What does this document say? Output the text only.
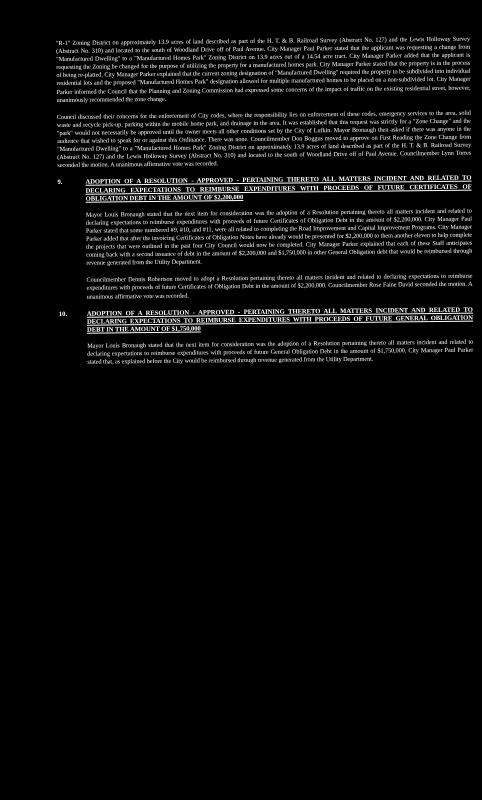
"R-1" Zoning District on approximately 13.9 acres of land described as part of the H. T. & B. Railroad Survey (Abstract No. 127) and the Lewis Holloway Survey (Abstract No. 310) and located to the south of Woodland Drive off of Paul Avenue. City Manager Paul Parker stated that the applicant was requesting a change from "Manufactured Dwelling" to a "Manufactured Homes Park" Zoning District on 13.9 acres out of a 14.54 acre tract. City Manager Parker added that the applicant is requesting the Zoning be changed for the purpose of utilizing the property for a manufactured homes park. City Manager Parker stated that the property is in the process of being re-platted. City Manager Parker explained that the current zoning designation of "Manufactured Dwelling" required the property to be subdivided into individual residential lots and the proposed "Manufactured Homes Park" designation allowed for multiple manufactured homes to be placed on a non-subdivided lot. City Manager Parker informed the Council that the Planning and Zoning Commission had expressed some concerns of the impact of traffic on the existing residential street, however, unanimously recommended the zone change.

Council discussed their concerns for the enforcement of City codes, where the responsibility lies on enforcement of these codes, emergency services to the area, solid waste and recycle pick-up, parking within the mobile home park, and drainage in the area. It was established that this request was strictly for a "Zone Change" and the "park" would not necessarily be approved until the owner meets all other conditions set by the City of Lufkin. Mayor Bronaugh then asked if there was anyone in the audience that wished to speak for or against this Ordinance. There was none. Councilmember Don Boggus moved to approve on First Reading the Zone Change from "Manufactured Dwelling" to a "Manufactured Homes Park" Zoning District on approximately 13.9 acres of land described as part of the H. T. & B. Railroad Survey (Abstract No. 127) and the Lewis Holloway Survey (Abstract No. 310) and located to the south of Woodland Drive off of Paul Avenue. Councilmember Lynn Torres seconded the motion. A unanimous affirmative vote was recorded.

9.	ADOPTION OF A RESOLUTION - APPROVED - PERTAINING THERETO ALL MATTERS INCIDENT AND RELATED TO DECLARING EXPECTATIONS TO REIMBURSE EXPENDITURES WITH PROCEEDS OF FUTURE CERTIFICATES OF OBLIGATION DEBT IN THE AMOUNT OF $2,200,000

Mayor Louis Bronaugh stated that the next item for consideration was the adoption of a Resolution pertaining thereto all matters incident and related to declaring expectations to reimburse expenditures with proceeds of future Certificates of Obligation Debt in the amount of $2,200,000. City Manager Paul Parker stated that some numbered #9, #10, and #11, were all related to completing the Road Improvement and Capital Improvement Programs. City Manager Parker added that after the invoicing Certificates of Obligation Notes have already would be presented for $2,200,000 to them another eleven to help complete the projects that were outlined in the past four City Council would now be completed. City Manager Parker explained that each of these Staff anticipates coming back with a second issuance of debt in the amount of $2,200,000 and $1,750,000 in other General Obligation debt that would be reimbursed through revenue generated from the Utility Department.

Councilmember Dennis Robertson moved to adopt a Resolution pertaining thereto all matters incident and related to declaring expectations to reimburse expenditures with proceeds of future Certificates of Obligation Debt in the amount of $2,200,000. Councilmember Rose Faine David seconded the motion. A unanimous affirmative vote was recorded.

10.	ADOPTION OF A RESOLUTION - APPROVED - PERTAINING THERETO ALL MATTERS INCIDENT AND RELATED TO DECLARING EXPECTATIONS TO REIMBURSE EXPENDITURES WITH PROCEEDS OF FUTURE GENERAL OBLIGATION DEBT IN THE AMOUNT OF $1,750,000

Mayor Louis Bronaugh stated that the next item for consideration was the adoption of a Resolution pertaining thereto all matters incident and related to declaring expectations to reimburse expenditures with proceeds of future General Obligation Debt in the amount of $1,750,000. City Manager Paul Parker stated that, as explained before the City would be reimbursed through revenue generated from the Utility Department.
